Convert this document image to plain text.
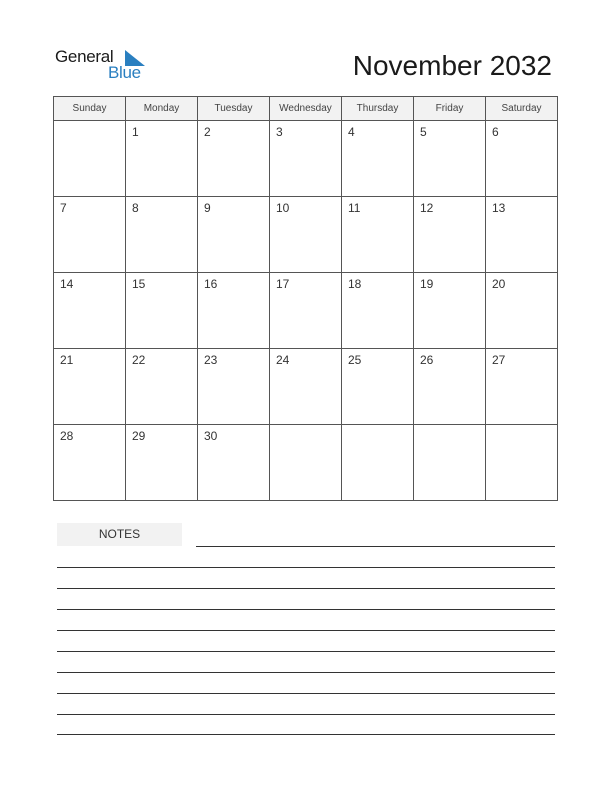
General
Blue	November 2032
Sunday	Monday	Tuesday	Wednesday	Thursday	Friday	Saturday

	1	2	3	4	5	6

7	8	9	10	11	12	13

14	15	16	17	18	19	20

21	22	23	24	25	26	27

28	29	30				

NOTES
